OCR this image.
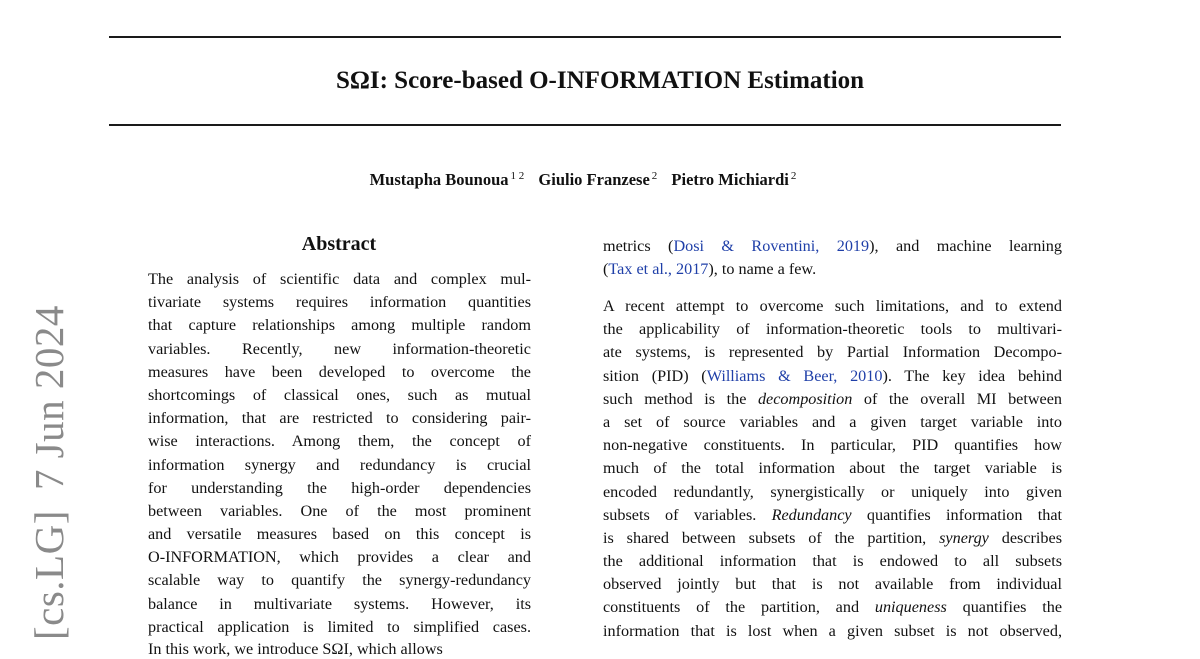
SΩI: Score-based O-INFORMATION Estimation
Mustapha Bounoua $^{1 2}$ Giulio Franzese $^2$ Pietro Michiardi $^2$
[cs.LG]7 Jun 2024
Abstract
The analysis of scientific data and complex mul-
tivariate systems requires information quantities
that capture relationships among multiple random
variables. Recently, new information-theoretic
measures have been developed to overcome the
shortcomings of classical ones, such as mutual
information, that are restricted to considering pair-
wise interactions. Among them, the concept of
information synergy and redundancy is crucial
for understanding the high-order dependencies
between variables. One of the most prominent
and versatile measures based on this concept is
O-INFORMATION, which provides a clear and
scalable way to quantify the synergy-redundancy
balance in multivariate systems. However, its
practical application is limited to simplified cases.
In this work, we introduce SΩI, which allows
metrics (Dosi & Roventini, 2019), and machine learning
(Tax et al., 2017), to name a few.
A recent attempt to overcome such limitations, and to extend
the applicability of information-theoretic tools to multivari-
ate systems, is represented by Partial Information Decompo-
sition (PID) (Williams & Beer, 2010). The key idea behind
such method is the decomposition of the overall MI between
a set of source variables and a given target variable into
non-negative constituents. In particular, PID quantifies how
much of the total information about the target variable is
encoded redundantly, synergistically or uniquely into given
subsets of variables. Redundancy quantifies information that
is shared between subsets of the partition, synergy describes
the additional information that is endowed to all subsets
observed jointly but that is not available from individual
constituents of the partition, and uniqueness quantifies the
information that is lost when a given subset is not observed,
